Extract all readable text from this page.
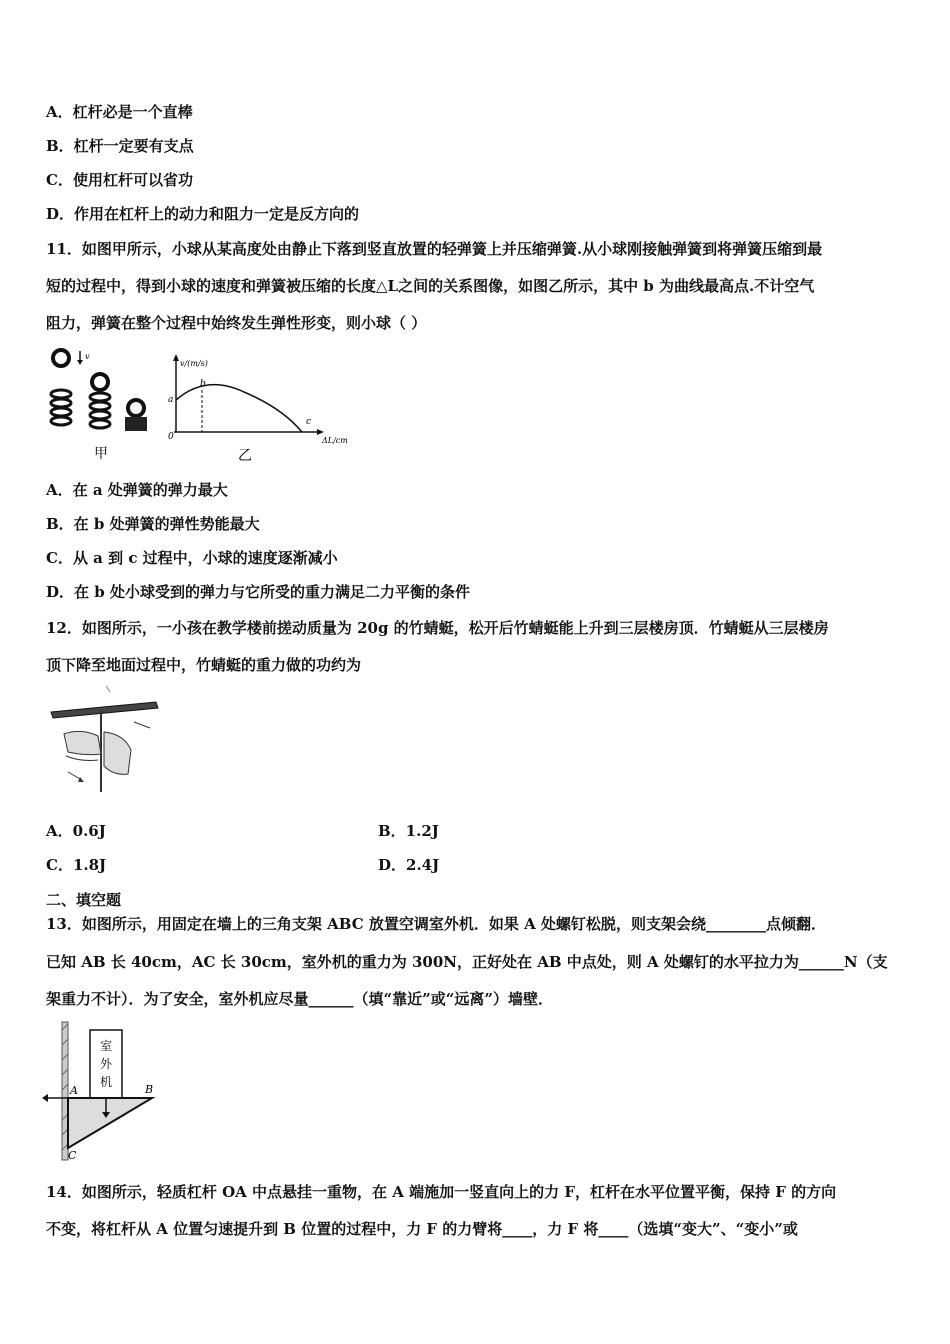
A．杠杆必是一个直棒
B．杠杆一定要有支点
C．使用杠杆可以省功
D．作用在杠杆上的动力和阻力一定是反方向的
11．如图甲所示，小球从某高度处由静止下落到竖直放置的轻弹簧上并压缩弹簧.从小球刚接触弹簧到将弹簧压缩到最
短的过程中，得到小球的速度和弹簧被压缩的长度△L之间的关系图像，如图乙所示，其中 b 为曲线最高点.不计空气
阻力，弹簧在整个过程中始终发生弹性形变，则小球（ ）
v
甲
v/(m/s)
ΔL/cm
a
b
c
0
乙
A．在 a 处弹簧的弹力最大
B．在 b 处弹簧的弹性势能最大
C．从 a 到 c 过程中，小球的速度逐渐减小
D．在 b 处小球受到的弹力与它所受的重力满足二力平衡的条件
12．如图所示，一小孩在教学楼前搓动质量为 20g 的竹蜻蜓，松开后竹蜻蜓能上升到三层楼房顶．竹蜻蜓从三层楼房
顶下降至地面过程中，竹蜻蜓的重力做的功约为
A．0.6J	B．1.2J
C．1.8J	D．2.4J
二、填空题
13．如图所示，用固定在墙上的三角支架 ABC 放置空调室外机．如果 A 处螺钉松脱，则支架会绕________点倾翻．
已知 AB 长 40cm，AC 长 30cm，室外机的重力为 300N，正好处在 AB 中点处，则 A 处螺钉的水平拉力为______N（支
架重力不计）．为了安全，室外机应尽量______（填“靠近”或“远离”）墙壁．
室
外
机
A	B
C
14．如图所示，轻质杠杆 OA 中点悬挂一重物，在 A 端施加一竖直向上的力 F，杠杆在水平位置平衡，保持 F 的方向
不变，将杠杆从 A 位置匀速提升到 B 位置的过程中，力 F 的力臂将____，力 F 将____（选填“变大”、“变小”或
